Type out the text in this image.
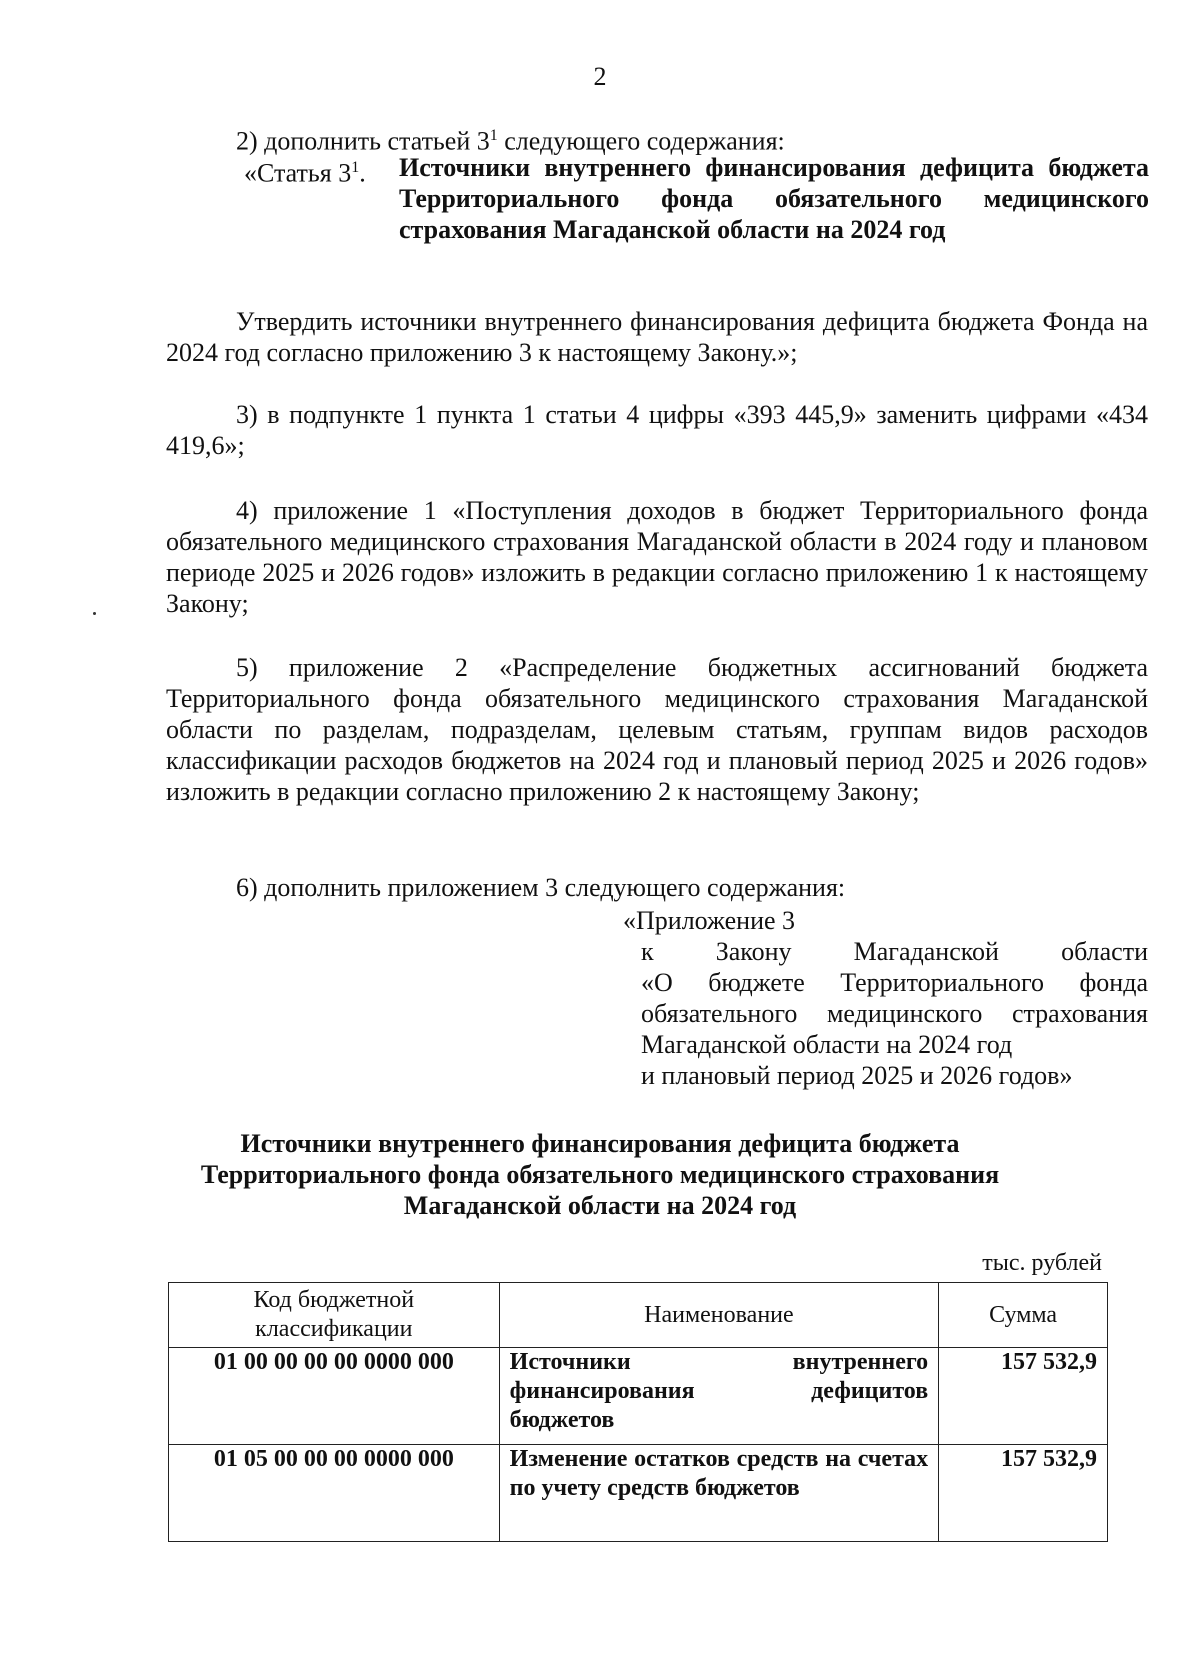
2
2) дополнить статьей $3^1$ следующего содержания:
«Статья $3^1$. Источники внутреннего финансирования дефицита бюджета Территориального фонда обязательного медицинского страхования Магаданской области на 2024 год
Утвердить источники внутреннего финансирования дефицита бюджета Фонда на 2024 год согласно приложению 3 к настоящему Закону.»;
3) в подпункте 1 пункта 1 статьи 4 цифры «393 445,9» заменить цифрами «434 419,6»;
4) приложение 1 «Поступления доходов в бюджет Территориального фонда обязательного медицинского страхования Магаданской области в 2024 году и плановом периоде 2025 и 2026 годов» изложить в редакции согласно приложению 1 к настоящему Закону;
5) приложение 2 «Распределение бюджетных ассигнований бюджета Территориального фонда обязательного медицинского страхования Магаданской области по разделам, подразделам, целевым статьям, группам видов расходов классификации расходов бюджетов на 2024 год и плановый период 2025 и 2026 годов» изложить в редакции согласно приложению 2 к настоящему Закону;
6) дополнить приложением 3 следующего содержания:
«Приложение 3
к Закону Магаданской области
«О бюджете Территориального фонда обязательного медицинского страхования Магаданской области на 2024 год
и плановый период 2025 и 2026 годов»
Источники внутреннего финансирования дефицита бюджета
Территориального фонда обязательного медицинского страхования
Магаданской области на 2024 год
тыс. рублей
Код бюджетной классификации	Наименование	Сумма
01 00 00 00 00 0000 000	Источники внутреннего финансирования дефицитов бюджетов	157 532,9
01 05 00 00 00 0000 000	Изменение остатков средств на счетах по учету средств бюджетов	157 532,9
